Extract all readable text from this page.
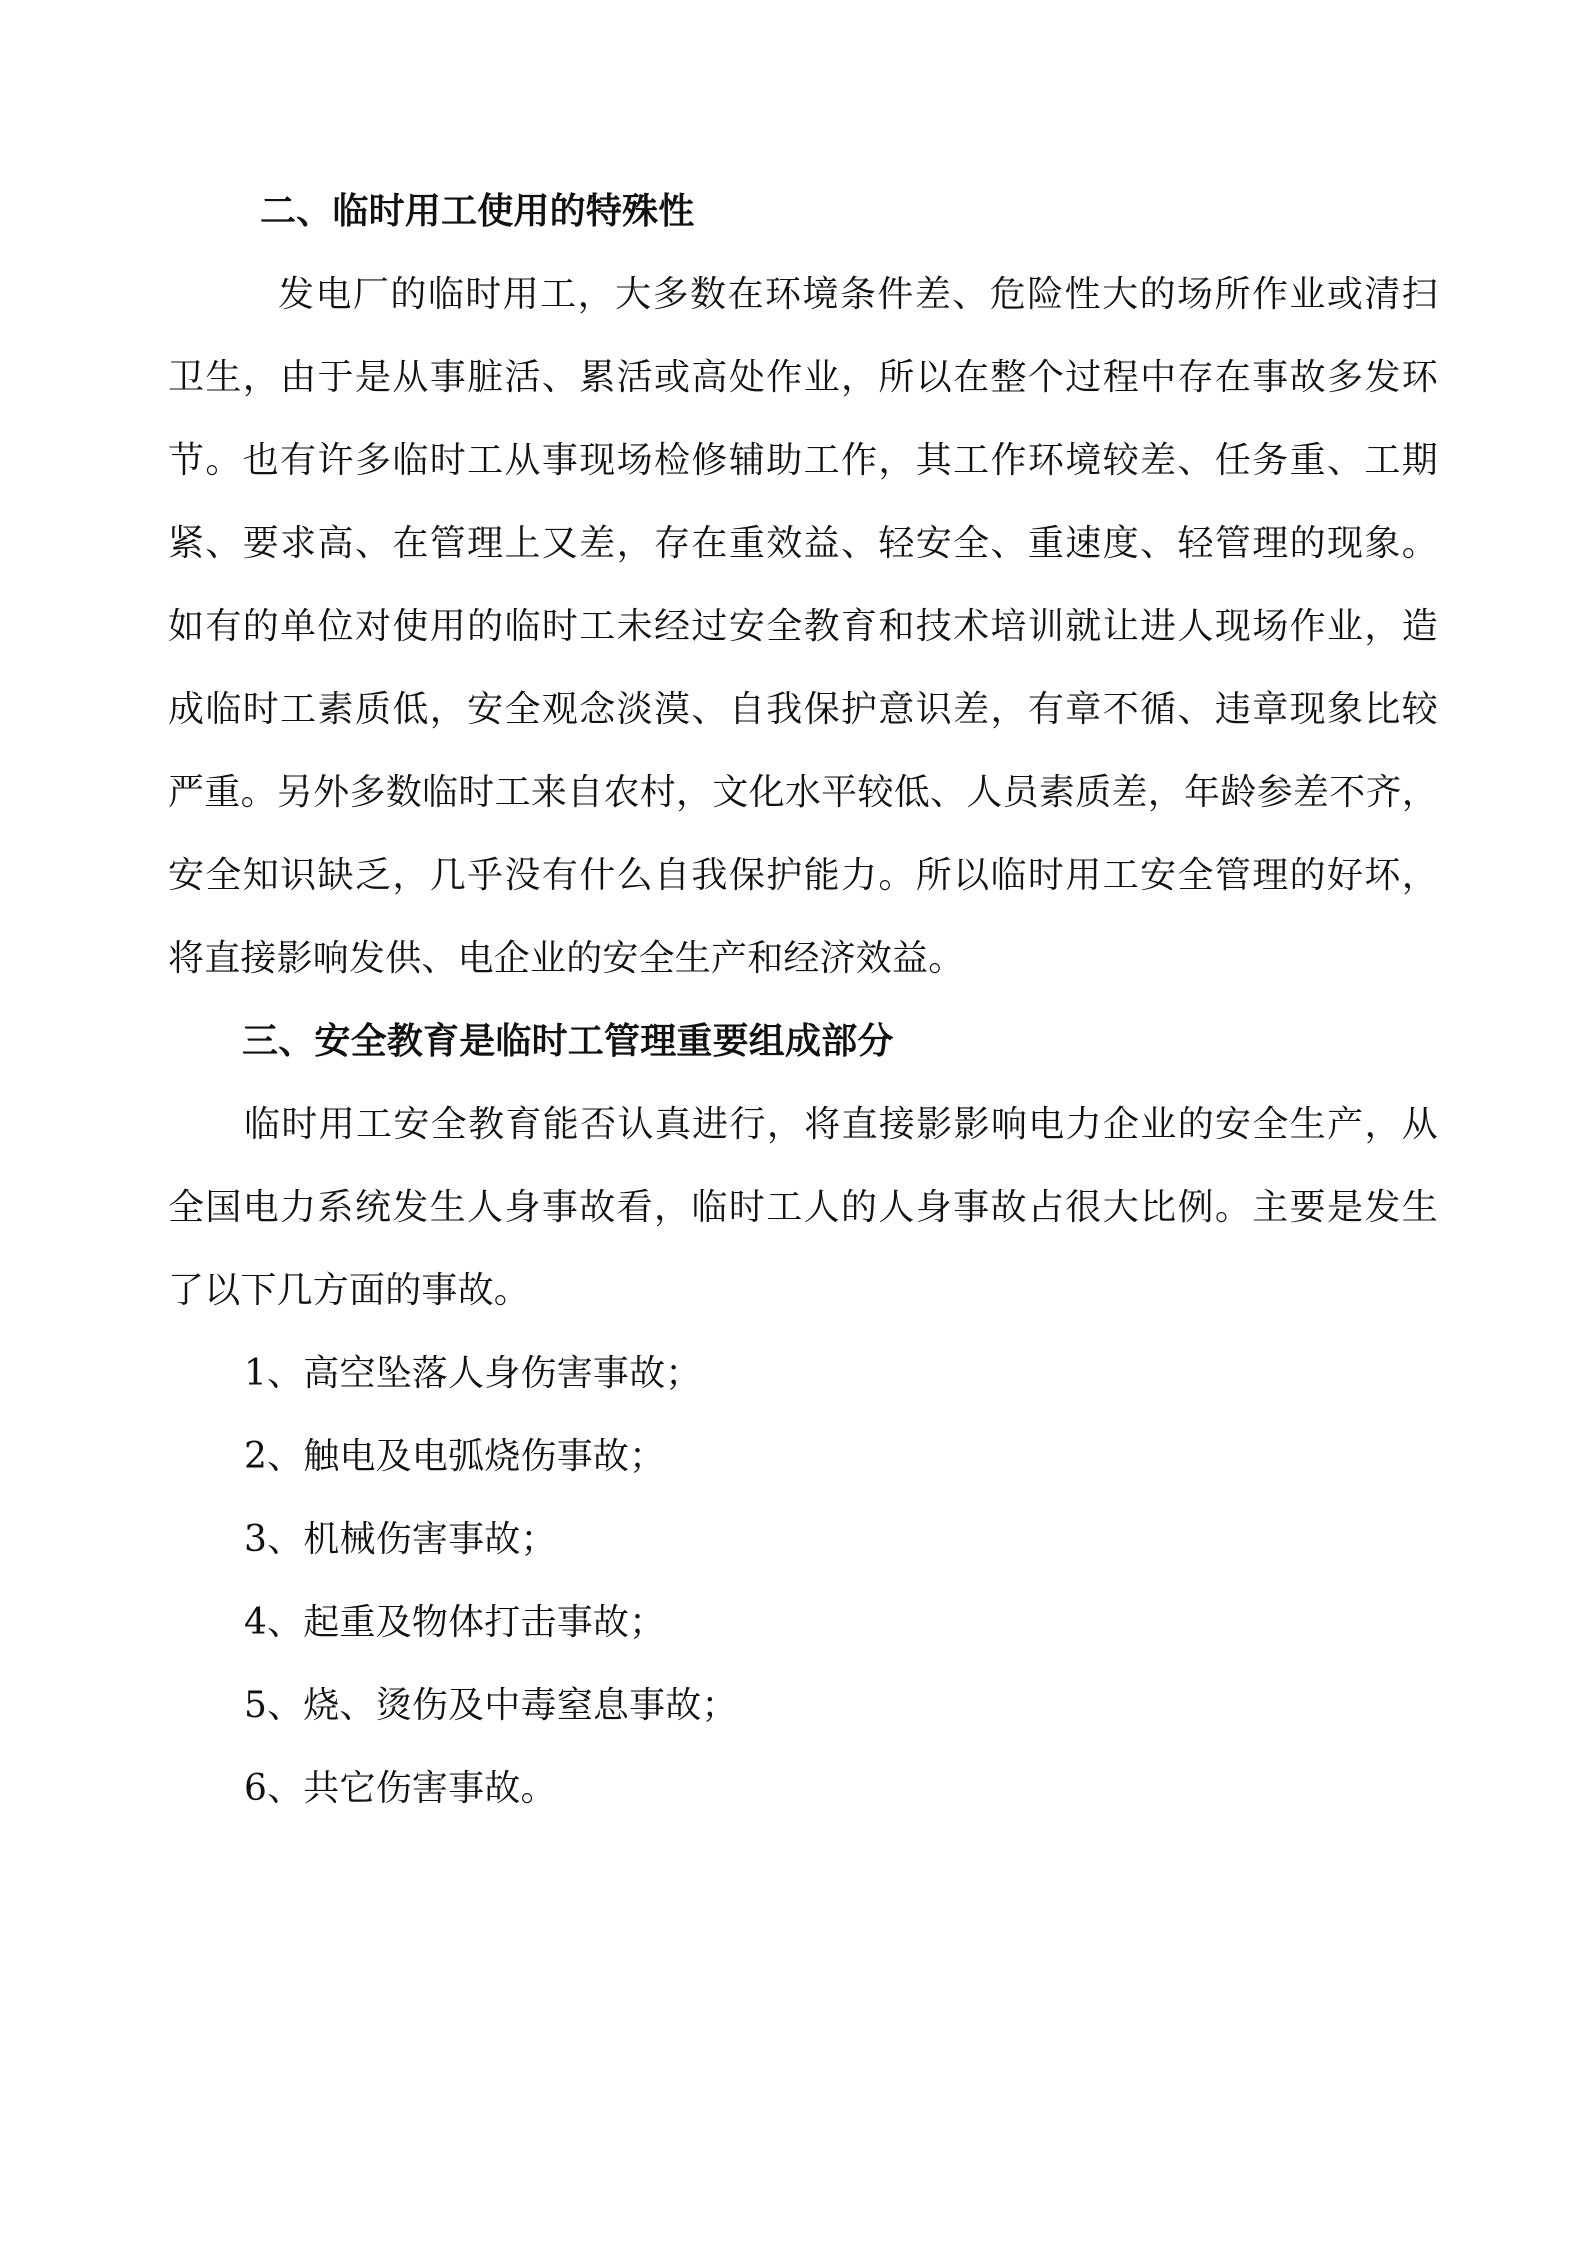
二、临时用工使用的特殊性

发电厂的临时用工，大多数在环境条件差、危险性大的场所作业或清扫

卫生，由于是从事脏活、累活或高处作业，所以在整个过程中存在事故多发环

节。也有许多临时工从事现场检修辅助工作，其工作环境较差、任务重、工期

紧、要求高、在管理上又差，存在重效益、轻安全、重速度、轻管理的现象。

如有的单位对使用的临时工未经过安全教育和技术培训就让进人现场作业，造

成临时工素质低，安全观念淡漠、自我保护意识差，有章不循、违章现象比较

严重。另外多数临时工来自农村，文化水平较低、人员素质差，年龄参差不齐，

安全知识缺乏，几乎没有什么自我保护能力。所以临时用工安全管理的好坏，

将直接影响发供、电企业的安全生产和经济效益。

三、安全教育是临时工管理重要组成部分

临时用工安全教育能否认真进行，将直接影影响电力企业的安全生产，从

全国电力系统发生人身事故看，临时工人的人身事故占很大比例。主要是发生

了以下几方面的事故。

1、高空坠落人身伤害事故；

2、触电及电弧烧伤事故；

3、机械伤害事故；

4、起重及物体打击事故；

5、烧、烫伤及中毒窒息事故；

6、共它伤害事故。
